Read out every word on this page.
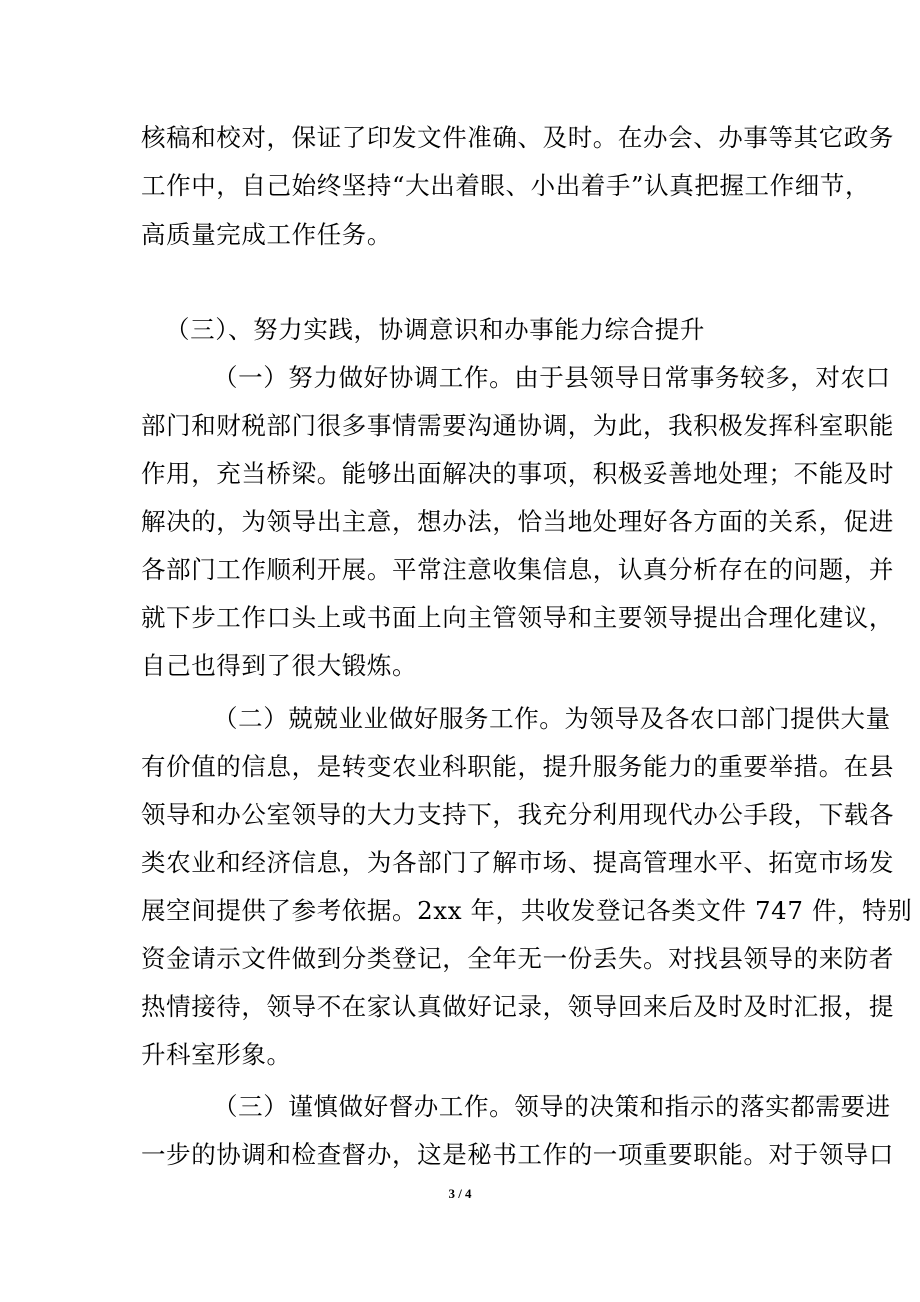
核稿和校对，保证了印发文件准确、及时。在办会、办事等其它政务
工作中，自己始终坚持“大出着眼、小出着手”认真把握工作细节，
高质量完成工作任务。
（三）、努力实践，协调意识和办事能力综合提升
（一）努力做好协调工作。由于县领导日常事务较多，对农口
部门和财税部门很多事情需要沟通协调，为此，我积极发挥科室职能
作用，充当桥梁。能够出面解决的事项，积极妥善地处理；不能及时
解决的，为领导出主意，想办法，恰当地处理好各方面的关系，促进
各部门工作顺利开展。平常注意收集信息，认真分析存在的问题，并
就下步工作口头上或书面上向主管领导和主要领导提出合理化建议，
自己也得到了很大锻炼。
（二）兢兢业业做好服务工作。为领导及各农口部门提供大量
有价值的信息，是转变农业科职能，提升服务能力的重要举措。在县
领导和办公室领导的大力支持下，我充分利用现代办公手段，下载各
类农业和经济信息，为各部门了解市场、提高管理水平、拓宽市场发
展空间提供了参考依据。2xx 年，共收发登记各类文件 747 件，特别
资金请示文件做到分类登记，全年无一份丢失。对找县领导的来防者
热情接待，领导不在家认真做好记录，领导回来后及时及时汇报，提
升科室形象。
（三）谨慎做好督办工作。领导的决策和指示的落实都需要进
一步的协调和检查督办，这是秘书工作的一项重要职能。对于领导口
3 / 4
